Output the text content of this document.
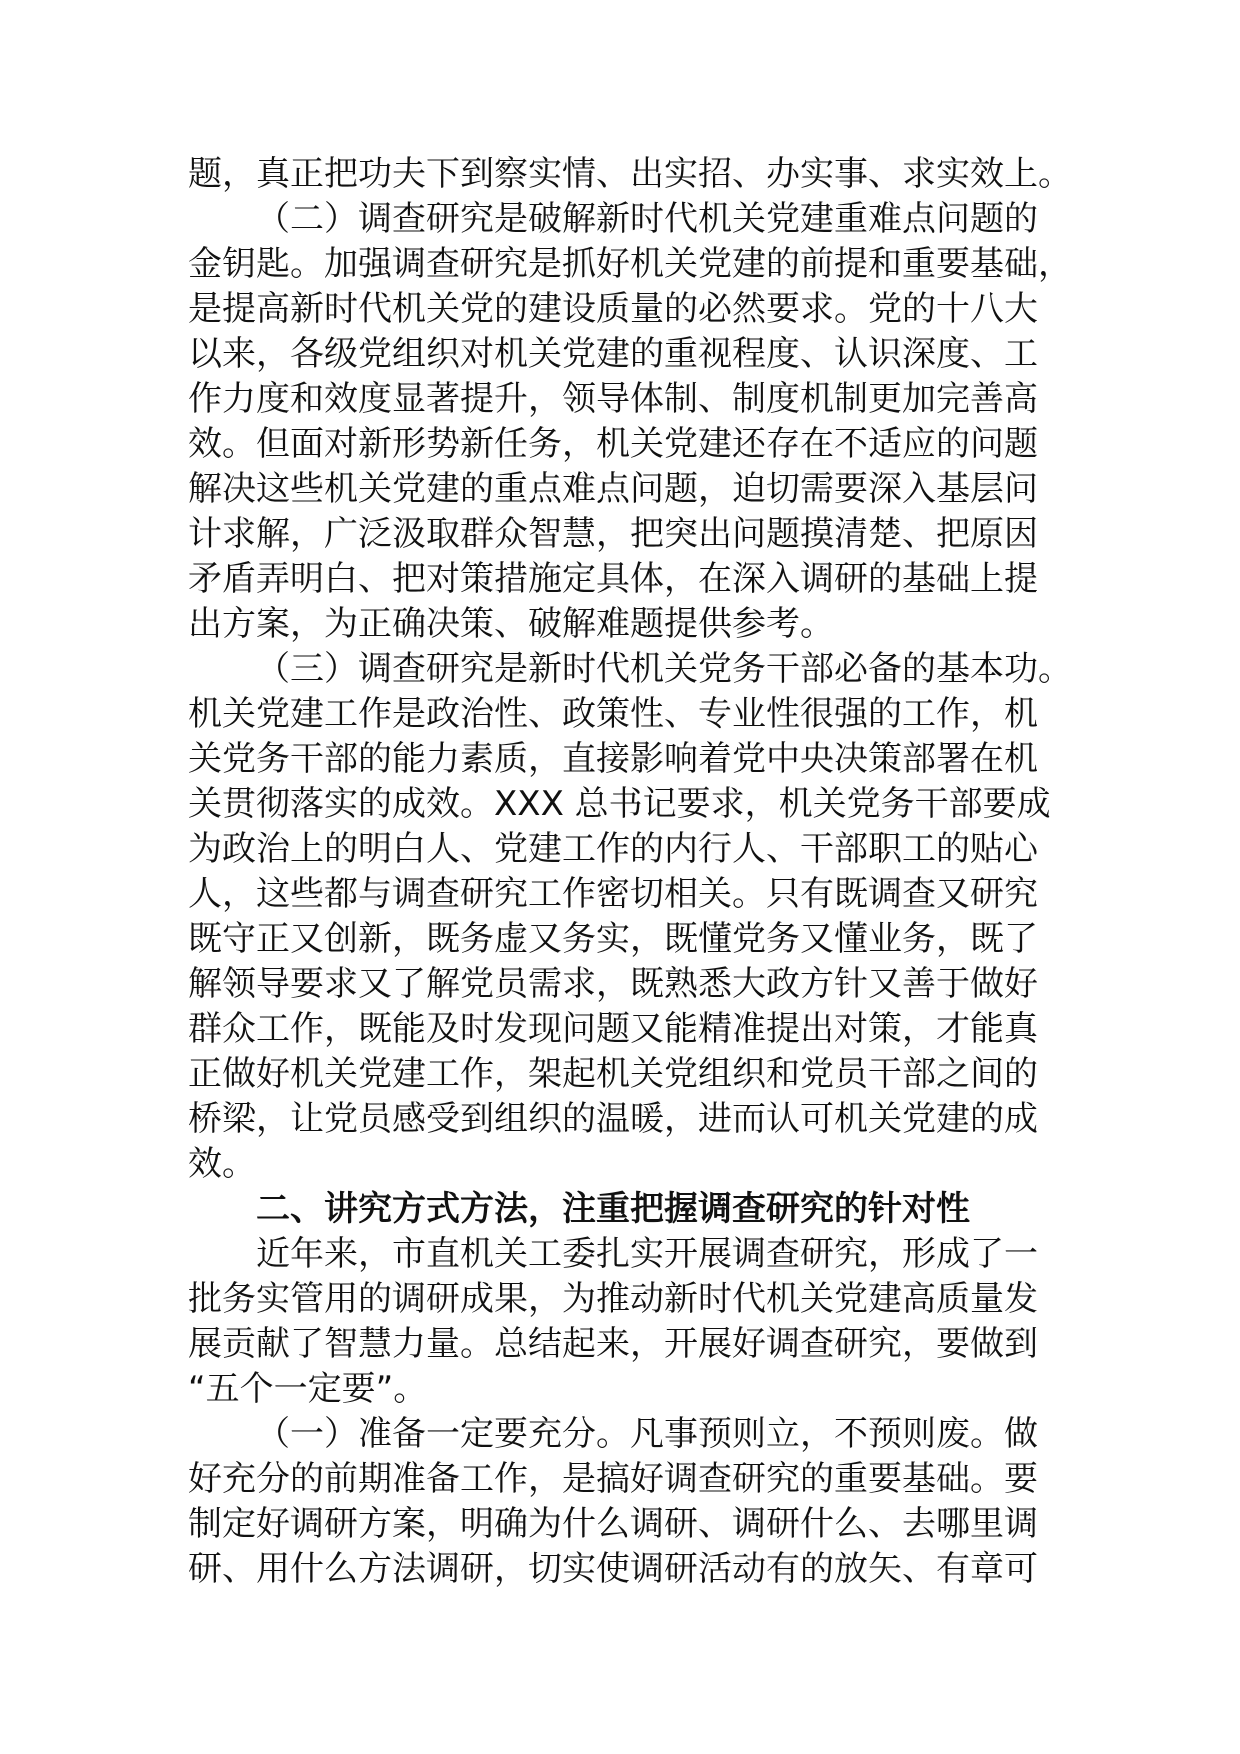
题，真正把功夫下到察实情、出实招、办实事、求实效上。
（二）调查研究是破解新时代机关党建重难点问题的
金钥匙。加强调查研究是抓好机关党建的前提和重要基础，
是提高新时代机关党的建设质量的必然要求。党的十八大
以来，各级党组织对机关党建的重视程度、认识深度、工
作力度和效度显著提升，领导体制、制度机制更加完善高
效。但面对新形势新任务，机关党建还存在不适应的问题
解决这些机关党建的重点难点问题，迫切需要深入基层问
计求解，广泛汲取群众智慧，把突出问题摸清楚、把原因
矛盾弄明白、把对策措施定具体，在深入调研的基础上提
出方案，为正确决策、破解难题提供参考。
（三）调查研究是新时代机关党务干部必备的基本功。
机关党建工作是政治性、政策性、专业性很强的工作，机
关党务干部的能力素质，直接影响着党中央决策部署在机
关贯彻落实的成效。XXX 总书记要求，机关党务干部要成
为政治上的明白人、党建工作的内行人、干部职工的贴心
人，这些都与调查研究工作密切相关。只有既调查又研究
既守正又创新，既务虚又务实，既懂党务又懂业务，既了
解领导要求又了解党员需求，既熟悉大政方针又善于做好
群众工作，既能及时发现问题又能精准提出对策，才能真
正做好机关党建工作，架起机关党组织和党员干部之间的
桥梁，让党员感受到组织的温暖，进而认可机关党建的成
效。
二、讲究方式方法，注重把握调查研究的针对性
近年来，市直机关工委扎实开展调查研究，形成了一
批务实管用的调研成果，为推动新时代机关党建高质量发
展贡献了智慧力量。总结起来，开展好调查研究，要做到
“五个一定要”。
（一）准备一定要充分。凡事预则立，不预则废。做
好充分的前期准备工作，是搞好调查研究的重要基础。要
制定好调研方案，明确为什么调研、调研什么、去哪里调
研、用什么方法调研，切实使调研活动有的放矢、有章可
